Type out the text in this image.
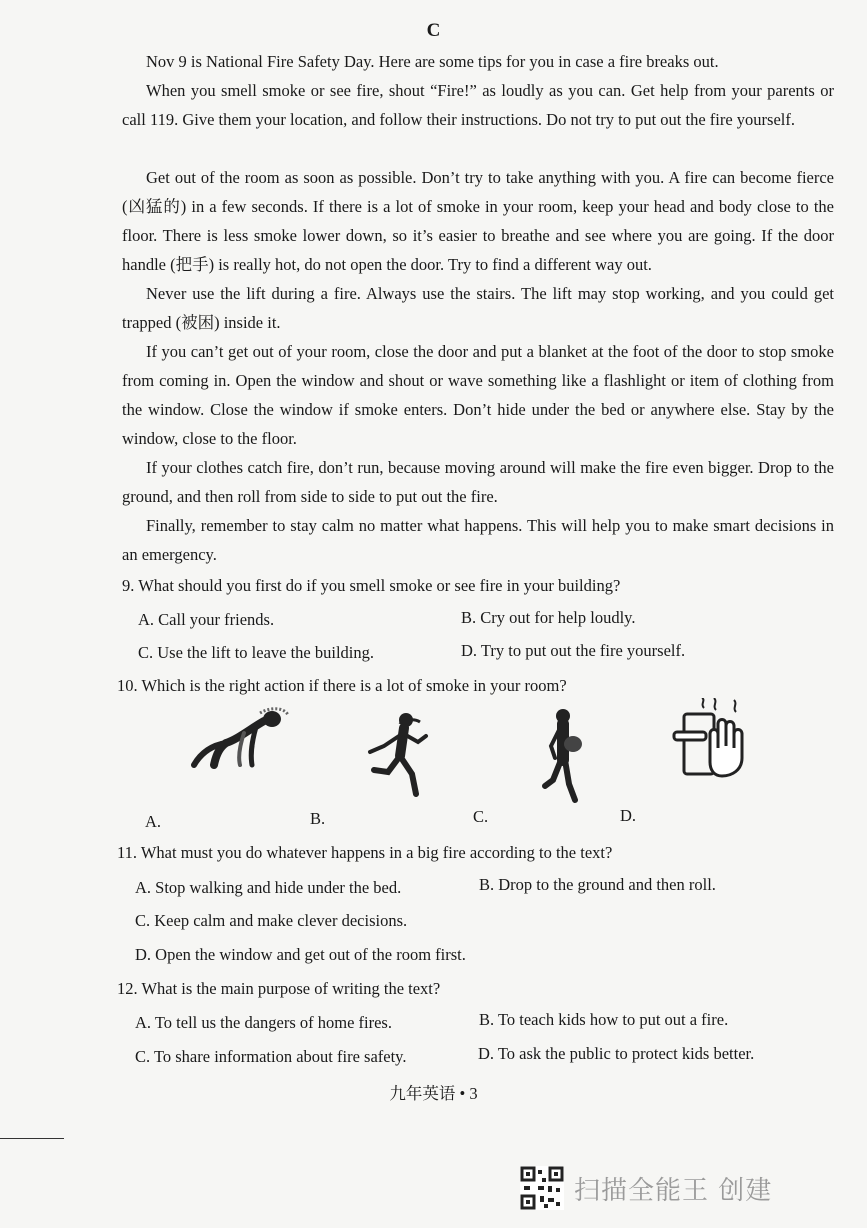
C
Nov 9 is National Fire Safety Day. Here are some tips for you in case a fire breaks out.
When you smell smoke or see fire, shout “Fire!” as loudly as you can. Get help from your parents or call 119. Give them your location, and follow their instructions. Do not try to put out the fire yourself.
Get out of the room as soon as possible. Don’t try to take anything with you. A fire can become fierce (凶猛的) in a few seconds. If there is a lot of smoke in your room, keep your head and body close to the floor. There is less smoke lower down, so it’s easier to breathe and see where you are going. If the door handle (把手) is really hot, do not open the door. Try to find a different way out.
Never use the lift during a fire. Always use the stairs. The lift may stop working, and you could get trapped (被困) inside it.
If you can’t get out of your room, close the door and put a blanket at the foot of the door to stop smoke from coming in. Open the window and shout or wave something like a flashlight or item of clothing from the window. Close the window if smoke enters. Don’t hide under the bed or anywhere else. Stay by the window, close to the floor.
If your clothes catch fire, don’t run, because moving around will make the fire even bigger. Drop to the ground, and then roll from side to side to put out the fire.
Finally, remember to stay calm no matter what happens. This will help you to make smart decisions in an emergency.
9. What should you first do if you smell smoke or see fire in your building?
A. Call your friends.	B. Cry out for help loudly.
C. Use the lift to leave the building.	D. Try to put out the fire yourself.
10. Which is the right action if there is a lot of smoke in your room?
A.	B.	C.	D.
11. What must you do whatever happens in a big fire according to the text?
A. Stop walking and hide under the bed.	B. Drop to the ground and then roll.
C. Keep calm and make clever decisions.
D. Open the window and get out of the room first.
12. What is the main purpose of writing the text?
A. To tell us the dangers of home fires.	B. To teach kids how to put out a fire.
C. To share information about fire safety.	D. To ask the public to protect kids better.
九年英语 • 3
扫描全能王 创建
